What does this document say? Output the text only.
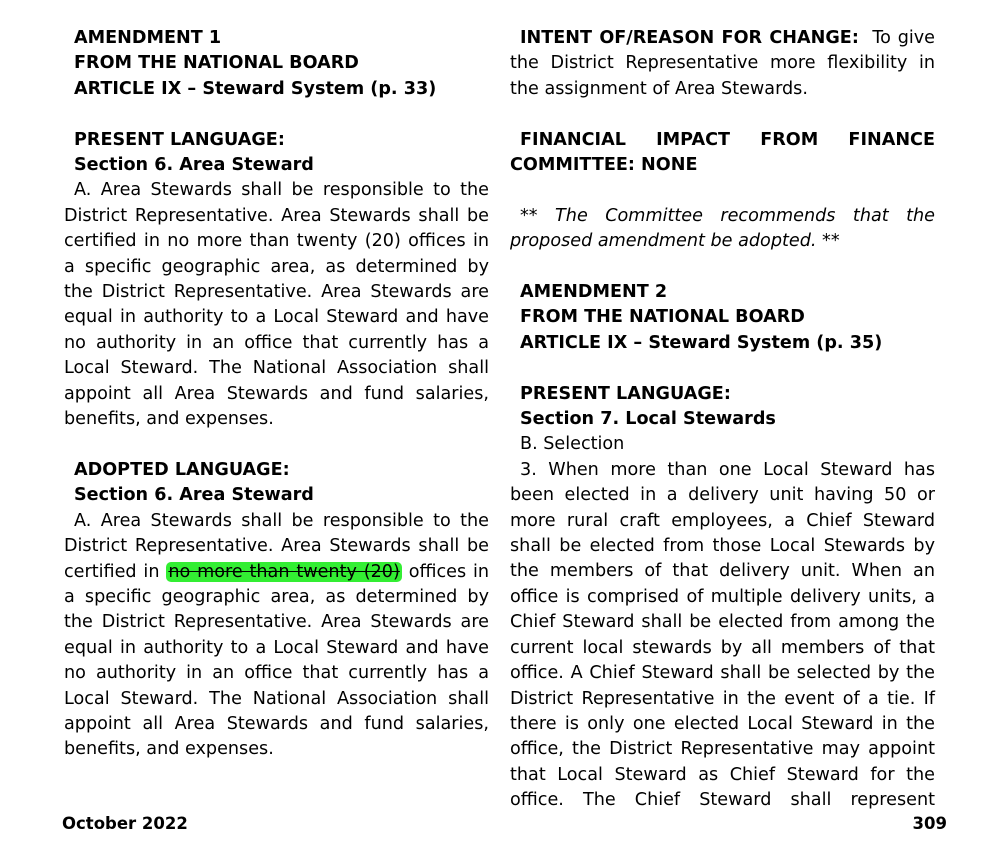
AMENDMENT 1
FROM THE NATIONAL BOARD
ARTICLE IX – Steward System (p. 33)
PRESENT LANGUAGE:
Section 6. Area Steward
A. Area Stewards shall be responsible to the District Representative. Area Stewards shall be certified in no more than twenty (20) offices in a specific geographic area, as determined by the District Representative. Area Stewards are equal in authority to a Local Steward and have no authority in an office that currently has a Local Steward. The National Association shall appoint all Area Stewards and fund salaries, benefits, and expenses.
ADOPTED LANGUAGE:
Section 6. Area Steward
A. Area Stewards shall be responsible to the District Representative. Area Stewards shall be certified in no more than twenty (20) offices in a specific geographic area, as determined by the District Representative. Area Stewards are equal in authority to a Local Steward and have no authority in an office that currently has a Local Steward. The National Association shall appoint all Area Stewards and fund salaries, benefits, and expenses.
INTENT OF/REASON FOR CHANGE: To give the District Representative more flexibility in the assignment of Area Stewards.
FINANCIAL IMPACT FROM FINANCE
COMMITTEE: NONE
** The Committee recommends that the proposed amendment be adopted. **
AMENDMENT 2
FROM THE NATIONAL BOARD
ARTICLE IX – Steward System (p. 35)
PRESENT LANGUAGE:
Section 7. Local Stewards
B. Selection
3. When more than one Local Steward has been elected in a delivery unit having 50 or more rural craft employees, a Chief Steward shall be elected from those Local Stewards by the members of that delivery unit. When an office is comprised of multiple delivery units, a Chief Steward shall be elected from among the current local stewards by all members of that office. A Chief Steward shall be selected by the District Representative in the event of a tie. If there is only one elected Local Steward in the office, the District Representative may appoint that Local Steward as Chief Steward for the office. The Chief Steward shall represent
October 2022	309
